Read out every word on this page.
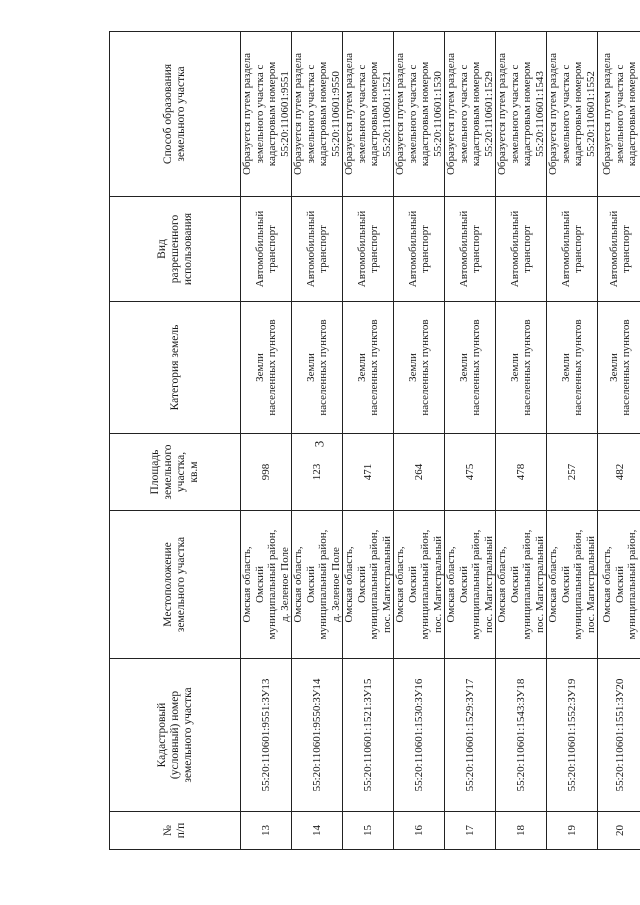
3
№
п/п	Кадастровый
(условный) номер
земельного участка	Местоположение
земельного участка	Площадь
земельного
участка,
кв.м	Категория земель	Вид
разрешенного
использования	Способ образования
земельного участка
13	55:20:110601:9551:ЗУ13	Омская область,
Омский
муниципальный район,
д. Зеленое Поле	998	Земли
населенных пунктов	Автомобильный
транспорт	Образуется путем раздела
земельного участка с
кадастровым номером
55:20:110601:9551
14	55:20:110601:9550:ЗУ14	Омская область,
Омский
муниципальный район,
д. Зеленое Поле	123	Земли
населенных пунктов	Автомобильный
транспорт	Образуется путем раздела
земельного участка с
кадастровым номером
55:20:110601:9550
15	55:20:110601:1521:ЗУ15	Омская область,
Омский
муниципальный район,
пос. Магистральный	471	Земли
населенных пунктов	Автомобильный
транспорт	Образуется путем раздела
земельного участка с
кадастровым номером
55:20:110601:1521
16	55:20:110601:1530:ЗУ16	Омская область,
Омский
муниципальный район,
пос. Магистральный	264	Земли
населенных пунктов	Автомобильный
транспорт	Образуется путем раздела
земельного участка с
кадастровым номером
55:20:110601:1530
17	55:20:110601:1529:ЗУ17	Омская область,
Омский
муниципальный район,
пос. Магистральный	475	Земли
населенных пунктов	Автомобильный
транспорт	Образуется путем раздела
земельного участка с
кадастровым номером
55:20:110601:1529
18	55:20:110601:1543:ЗУ18	Омская область,
Омский
муниципальный район,
пос. Магистральный	478	Земли
населенных пунктов	Автомобильный
транспорт	Образуется путем раздела
земельного участка с
кадастровым номером
55:20:110601:1543
19	55:20:110601:1552:ЗУ19	Омская область,
Омский
муниципальный район,
пос. Магистральный	257	Земли
населенных пунктов	Автомобильный
транспорт	Образуется путем раздела
земельного участка с
кадастровым номером
55:20:110601:1552
20	55:20:110601:1551:ЗУ20	Омская область,
Омский
муниципальный район,	482	Земли
населенных пунктов	Автомобильный
транспорт	Образуется путем раздела
земельного участка с
кадастровым номером
